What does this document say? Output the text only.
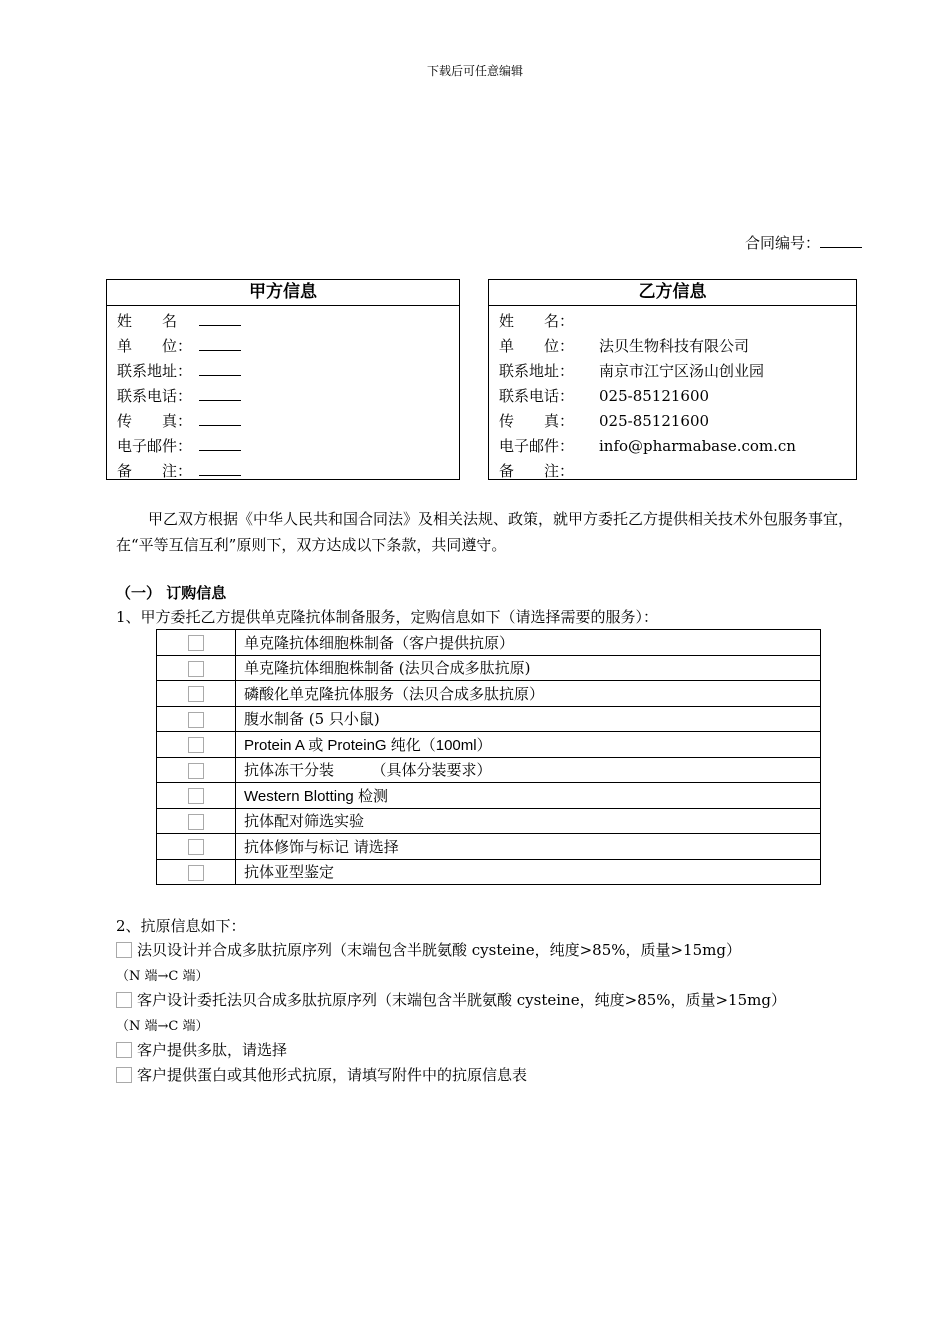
下载后可任意编辑
合同编号：
甲方信息
姓　　名
单　　位：
联系地址：
联系电话：
传　　真：
电子邮件：
备　　注：
乙方信息
姓　　名：
单　　位： 法贝生物科技有限公司
联系地址： 南京市江宁区汤山创业园
联系电话： 025-85121600
传　　真： 025-85121600
电子邮件： info@pharmabase.com.cn
备　　注：
甲乙双方根据《中华人民共和国合同法》及相关法规、政策，就甲方委托乙方提供相关技术外包服务事宜，在“平等互信互利”原则下，双方达成以下条款，共同遵守。
（一） 订购信息
1、甲方委托乙方提供单克隆抗体制备服务，定购信息如下（请选择需要的服务）：
	单克隆抗体细胞株制备（客户提供抗原）
	单克隆抗体细胞株制备 (法贝合成多肽抗原)
	磷酸化单克隆抗体服务（法贝合成多肽抗原）
	腹水制备 (5 只小鼠)
	Protein A 或 ProteinG 纯化（100ml）
	抗体冻干分装　　　（具体分装要求）
	Western Blotting 检测
	抗体配对筛选实验
	抗体修饰与标记 请选择
	抗体亚型鉴定
2、抗原信息如下：
法贝设计并合成多肽抗原序列（末端包含半胱氨酸 cysteine，纯度>85%，质量>15mg）
（N 端→C 端）
客户设计委托法贝合成多肽抗原序列（末端包含半胱氨酸 cysteine，纯度>85%，质量>15mg）
（N 端→C 端）
客户提供多肽，请选择
客户提供蛋白或其他形式抗原，请填写附件中的抗原信息表
